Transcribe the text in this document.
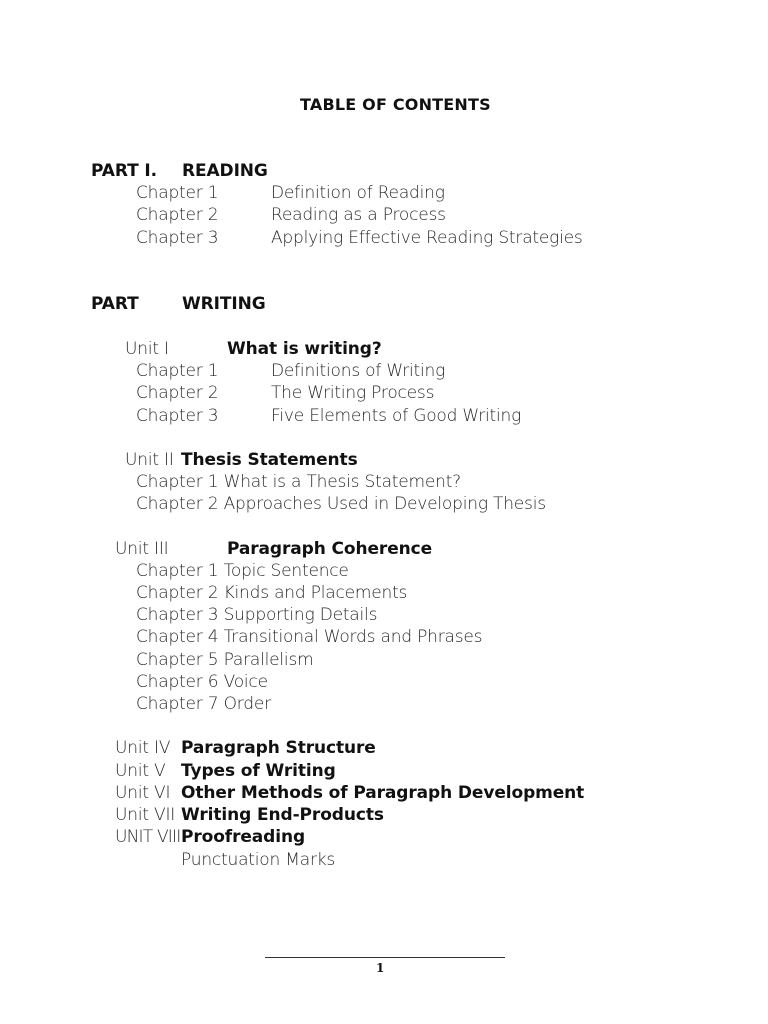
TABLE OF CONTENTS
PART I. READING
Chapter 1	Definition of Reading
Chapter 2	Reading as a Process
Chapter 3	Applying Effective Reading Strategies
PART	WRITING
Unit I	What is writing?
Chapter 1	Definitions of Writing
Chapter 2	The Writing Process
Chapter 3	Five Elements of Good Writing
Unit II Thesis Statements
Chapter 1 What is a Thesis Statement?
Chapter 2 Approaches Used in Developing Thesis
Unit III	Paragraph Coherence
Chapter 1 Topic Sentence
Chapter 2 Kinds and Placements
Chapter 3 Supporting Details
Chapter 4 Transitional Words and Phrases
Chapter 5 Parallelism
Chapter 6 Voice
Chapter 7 Order
Unit IV Paragraph Structure
Unit V Types of Writing
Unit VI Other Methods of Paragraph Development
Unit VII Writing End-Products
UNIT VIII Proofreading
Punctuation Marks
1
